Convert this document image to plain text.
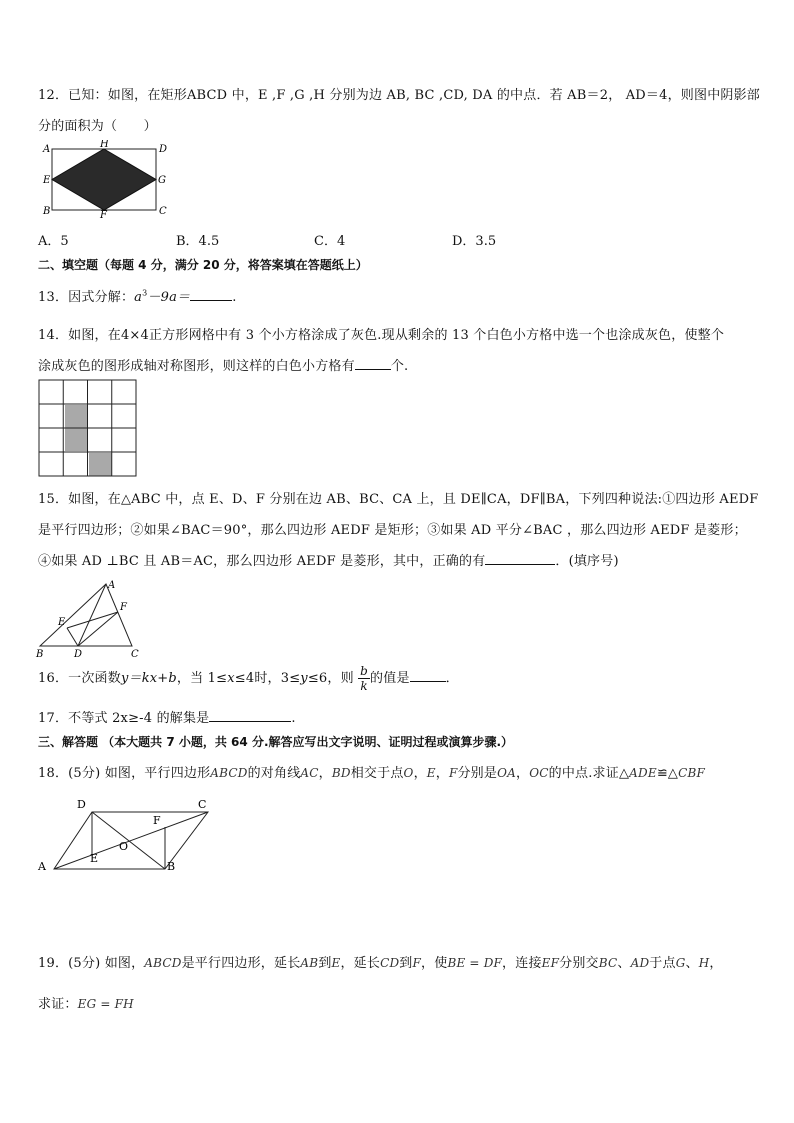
12．已知：如图，在矩形ABCD 中，E ,F ,G ,H 分别为边 AB, BC ,CD, DA 的中点．若 AB＝2， AD＝4，则图中阴影部
分的面积为（　　）
A	H	D
E	G
B	F	C
A．5	B．4.5	C．4	D．3.5
二、填空题（每题 4 分，满分 20 分，将答案填在答题纸上）
13．因式分解：$a^3-9a=$	.
14．如图，在4×4正方形网格中有 3 个小方格涂成了灰色.现从剩余的 13 个白色小方格中选一个也涂成灰色，使整个
涂成灰色的图形成轴对称图形，则这样的白色小方格有	个.
15．如图，在△ABC 中，点 E、D、F 分别在边 AB、BC、CA 上，且 DE∥CA，DF∥BA，下列四种说法:①四边形 AEDF
是平行四边形；②如果∠BAC＝90°，那么四边形 AEDF 是矩形；③如果 AD 平分∠BAC ，那么四边形 AEDF 是菱形；
④如果 AD ⊥BC 且 AB＝AC，那么四边形 AEDF 是菱形，其中，正确的有	．(填序号)
A
E
F
B	D	C
16．一次函数y＝kx+b，当 1≤x≤4时，3≤y≤6，则 $\frac{b}{k}$ 的值是	．
17．不等式 2x≥-4 的解集是	.
三、解答题 （本大题共 7 小题，共 64 分.解答应写出文字说明、证明过程或演算步骤.）
18．(5分) 如图，平行四边形ABCD的对角线AC，BD相交于点O，E，F分别是OA，OC的中点.求证△ADE≌△CBF
D	C
F
O
E
A	B
19．(5分) 如图，ABCD是平行四边形，延长AB到E，延长CD到F，使BE = DF，连接EF分别交BC、AD于点G、H，
求证：EG = FH
